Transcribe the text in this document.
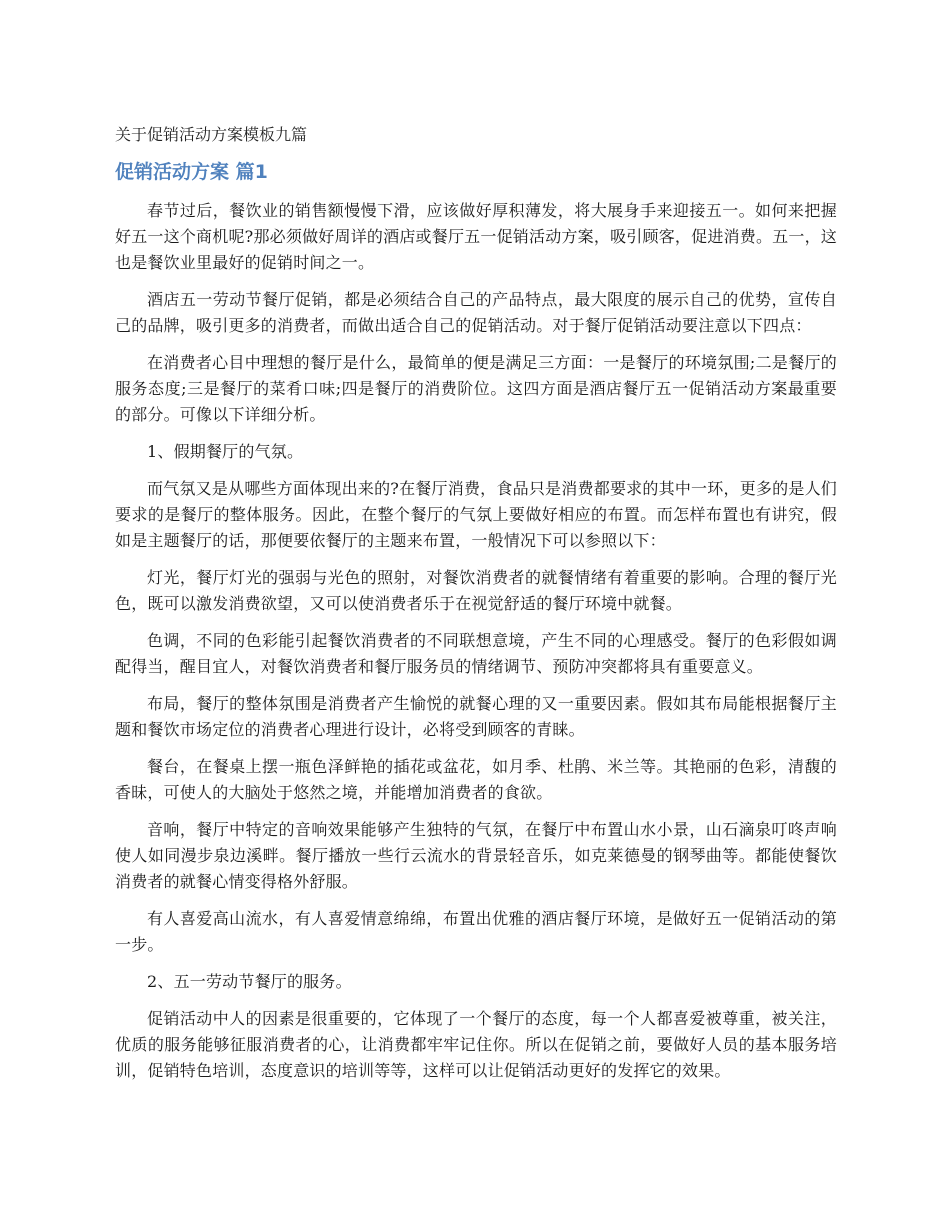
关于促销活动方案模板九篇
促销活动方案 篇1

春节过后，餐饮业的销售额慢慢下滑，应该做好厚积薄发，将大展身手来迎接五一。如何来把握好五一这个商机呢?那必须做好周详的酒店或餐厅五一促销活动方案，吸引顾客，促进消费。五一，这也是餐饮业里最好的促销时间之一。

酒店五一劳动节餐厅促销，都是必须结合自己的产品特点，最大限度的展示自己的优势，宣传自己的品牌，吸引更多的消费者，而做出适合自己的促销活动。对于餐厅促销活动要注意以下四点：

在消费者心目中理想的餐厅是什么，最简单的便是满足三方面：一是餐厅的环境氛围;二是餐厅的服务态度;三是餐厅的菜肴口味;四是餐厅的消费阶位。这四方面是酒店餐厅五一促销活动方案最重要的部分。可像以下详细分析。

1、假期餐厅的气氛。

而气氛又是从哪些方面体现出来的?在餐厅消费，食品只是消费都要求的其中一环，更多的是人们要求的是餐厅的整体服务。因此，在整个餐厅的气氛上要做好相应的布置。而怎样布置也有讲究，假如是主题餐厅的话，那便要依餐厅的主题来布置，一般情况下可以参照以下：

灯光，餐厅灯光的强弱与光色的照射，对餐饮消费者的就餐情绪有着重要的影响。合理的餐厅光色，既可以激发消费欲望，又可以使消费者乐于在视觉舒适的餐厅环境中就餐。

色调，不同的色彩能引起餐饮消费者的不同联想意境，产生不同的心理感受。餐厅的色彩假如调配得当，醒目宜人，对餐饮消费者和餐厅服务员的情绪调节、预防冲突都将具有重要意义。

布局，餐厅的整体氛围是消费者产生愉悦的就餐心理的又一重要因素。假如其布局能根据餐厅主题和餐饮市场定位的消费者心理进行设计，必将受到顾客的青睐。

餐台，在餐桌上摆一瓶色泽鲜艳的插花或盆花，如月季、杜鹃、米兰等。其艳丽的色彩，清馥的香昧，可使人的大脑处于悠然之境，并能增加消费者的食欲。

音响，餐厅中特定的音响效果能够产生独特的气氛，在餐厅中布置山水小景，山石滴泉叮咚声响使人如同漫步泉边溪畔。餐厅播放一些行云流水的背景轻音乐，如克莱德曼的钢琴曲等。都能使餐饮消费者的就餐心情变得格外舒服。

有人喜爱高山流水，有人喜爱情意绵绵，布置出优雅的酒店餐厅环境，是做好五一促销活动的第一步。

2、五一劳动节餐厅的服务。

促销活动中人的因素是很重要的，它体现了一个餐厅的态度，每一个人都喜爱被尊重，被关注，优质的服务能够征服消费者的心，让消费都牢牢记住你。所以在促销之前，要做好人员的基本服务培训，促销特色培训，态度意识的培训等等，这样可以让促销活动更好的发挥它的效果。
